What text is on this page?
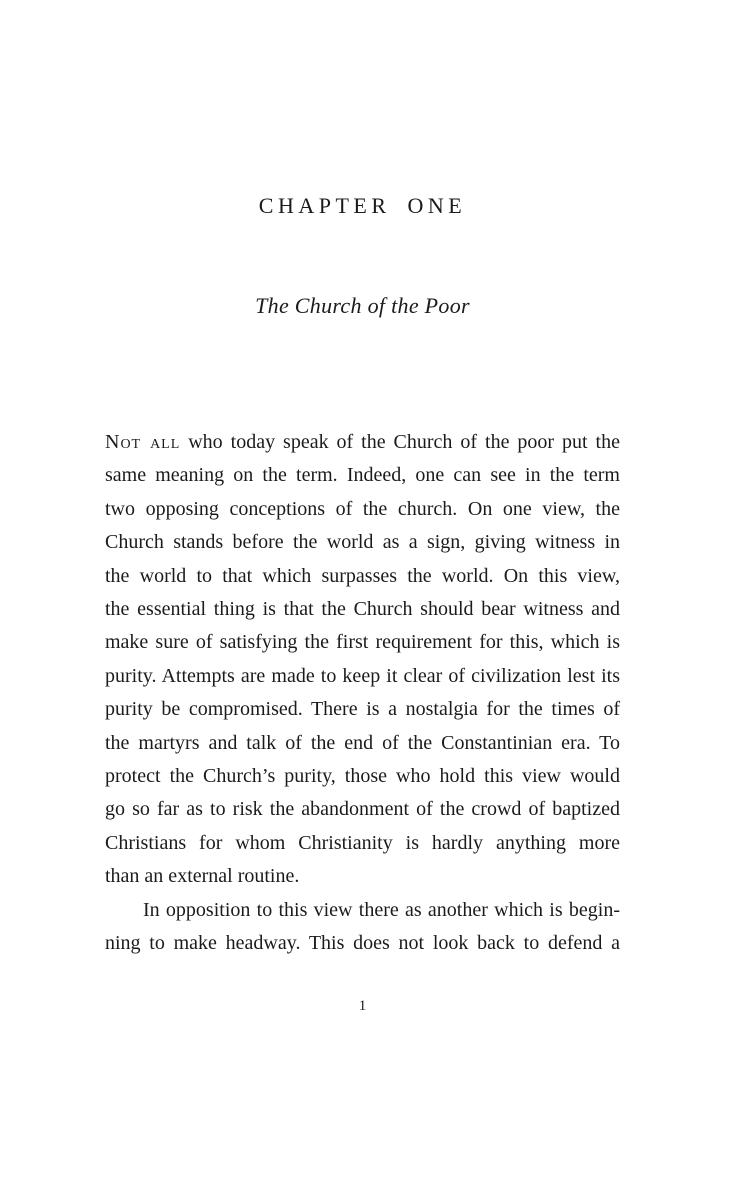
CHAPTER ONE
The Church of the Poor
Not all who today speak of the Church of the poor put the
same meaning on the term. Indeed, one can see in the term
two opposing conceptions of the church. On one view, the
Church stands before the world as a sign, giving witness in
the world to that which surpasses the world. On this view,
the essential thing is that the Church should bear witness and
make sure of satisfying the first requirement for this, which is
purity. Attempts are made to keep it clear of civilization lest its
purity be compromised. There is a nostalgia for the times of
the martyrs and talk of the end of the Constantinian era. To
protect the Church’s purity, those who hold this view would
go so far as to risk the abandonment of the crowd of baptized
Christians for whom Christianity is hardly anything more
than an external routine.
In opposition to this view there as another which is begin-
ning to make headway. This does not look back to defend a
1
